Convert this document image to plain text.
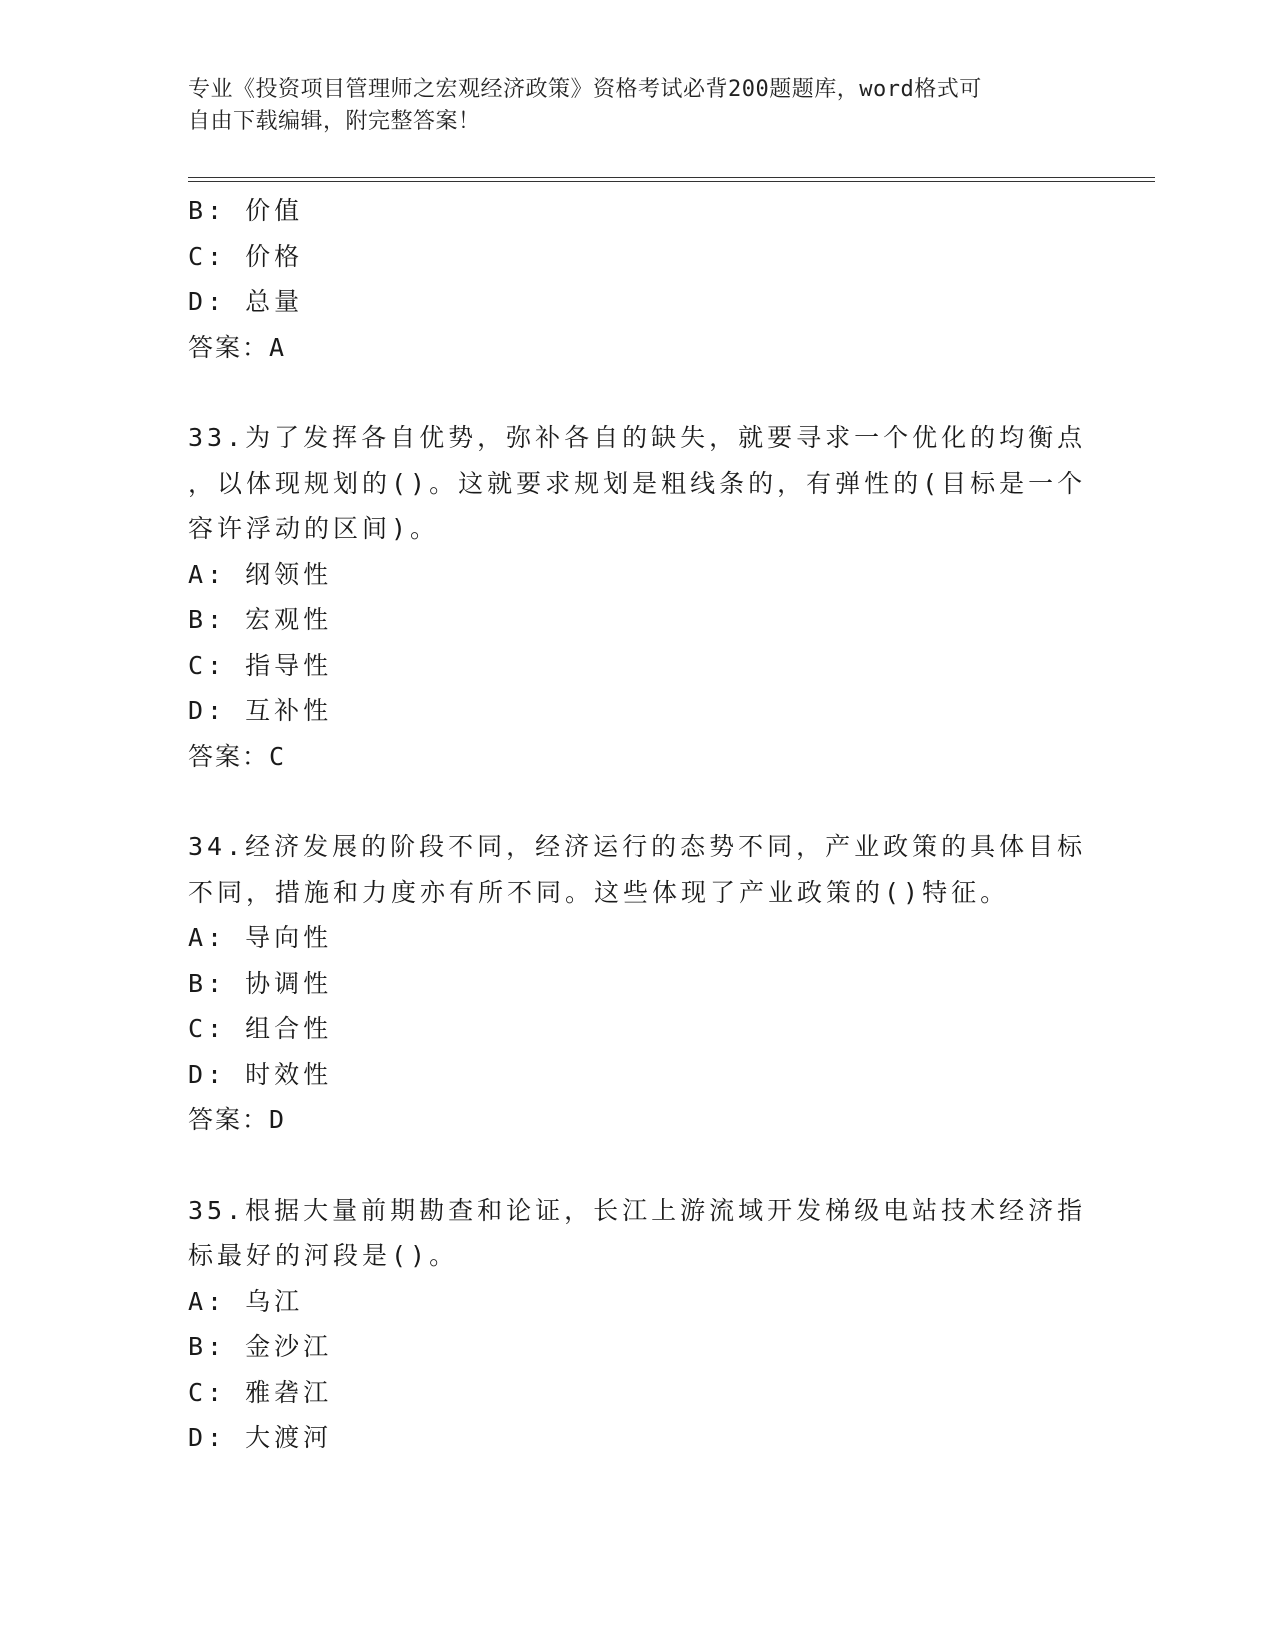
专业《投资项目管理师之宏观经济政策》资格考试必背200题题库，word格式可
自由下载编辑，附完整答案！
B: 价值
C: 价格
D: 总量
答案：A
33.为了发挥各自优势，弥补各自的缺失，就要寻求一个优化的均衡点
，以体现规划的()。这就要求规划是粗线条的，有弹性的(目标是一个
容许浮动的区间)。
A: 纲领性
B: 宏观性
C: 指导性
D: 互补性
答案：C
34.经济发展的阶段不同，经济运行的态势不同，产业政策的具体目标
不同，措施和力度亦有所不同。这些体现了产业政策的()特征。
A: 导向性
B: 协调性
C: 组合性
D: 时效性
答案：D
35.根据大量前期勘查和论证，长江上游流域开发梯级电站技术经济指
标最好的河段是()。
A: 乌江
B: 金沙江
C: 雅砻江
D: 大渡河
